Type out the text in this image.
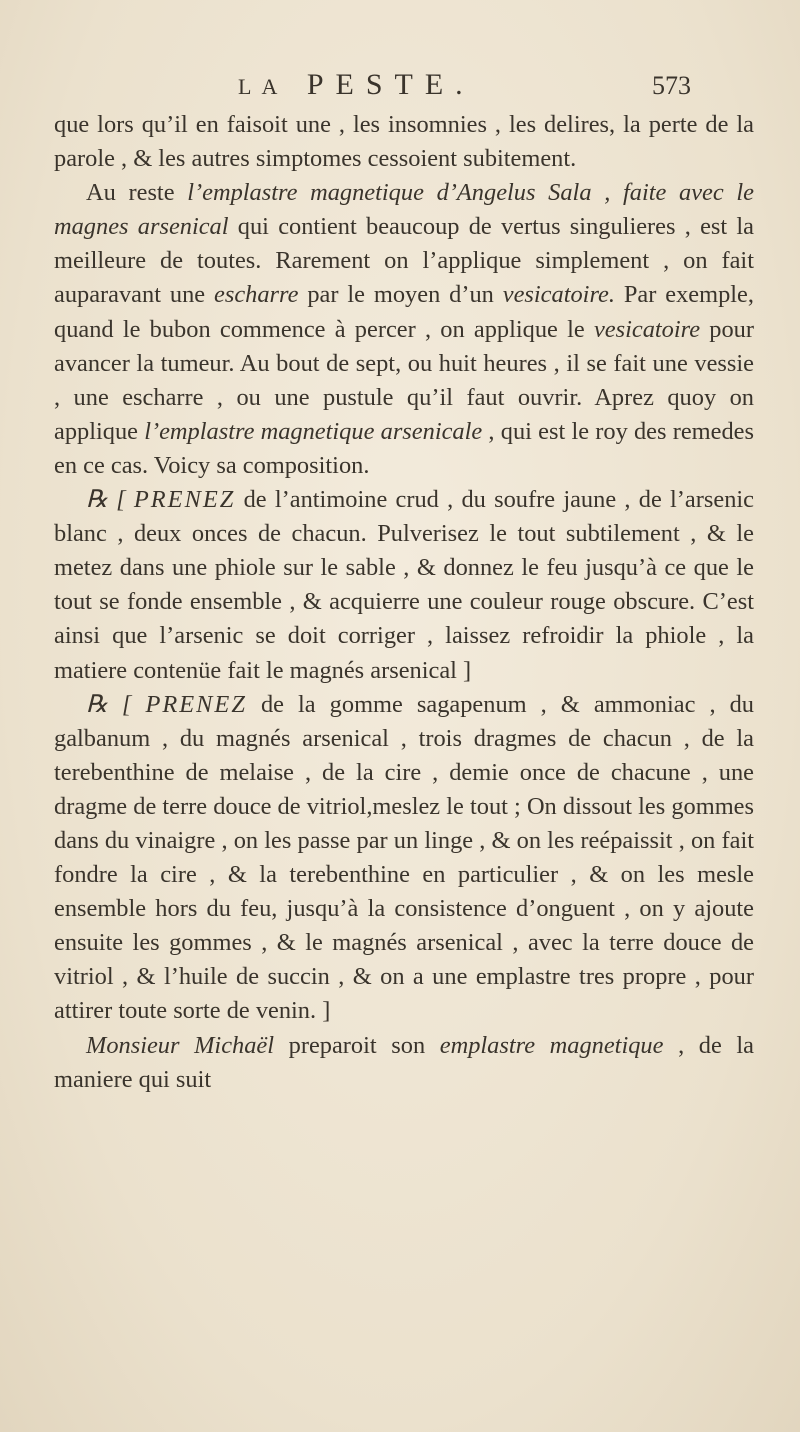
LA PESTE.	573

que lors qu’il en faisoit une , les insomnies , les delires, la perte de la parole , & les autres simptomes cessoient subitement.

Au reste l’emplastre magnetique d’Angelus Sala , faite avec le magnes arsenical qui contient beaucoup de vertus singulieres , est la meilleure de toutes. Rarement on l’applique simplement , on fait auparavant une escharre par le moyen d’un vesicatoire. Par exemple, quand le bubon commence à percer , on applique le vesicatoire pour avancer la tumeur. Au bout de sept, ou huit heures , il se fait une vessie , une escharre , ou une pustule qu’il faut ouvrir. Aprez quoy on applique l’emplastre magnetique arsenicale , qui est le roy des remedes en ce cas. Voicy sa composition.

℞ [ PRENEZ de l’antimoine crud , du soufre jaune , de l’arsenic blanc , deux onces de chacun. Pulverisez le tout subtilement , & le metez dans une phiole sur le sable , & donnez le feu jusqu’à ce que le tout se fonde ensemble , & acquierre une couleur rouge obscure. C’est ainsi que l’arsenic se doit corriger , laissez refroidir la phiole , la matiere contenüe fait le magnés arsenical ]

℞ [ PRENEZ de la gomme sagapenum , & ammoniac , du galbanum , du magnés arsenical , trois dragmes de chacun , de la terebenthine de melaise , de la cire , demie once de chacune , une dragme de terre douce de vitriol,meslez le tout ; On dissout les gommes dans du vinaigre , on les passe par un linge , & on les reépaissit , on fait fondre la cire , & la terebenthine en particulier , & on les mesle ensemble hors du feu, jusqu’à la consistence d’onguent , on y ajoute ensuite les gommes , & le magnés arsenical , avec la terre douce de vitriol , & l’huile de succin , & on a une emplastre tres propre , pour attirer toute sorte de venin. ]

Monsieur Michaël preparoit son emplastre magnetique , de la maniere qui suit
